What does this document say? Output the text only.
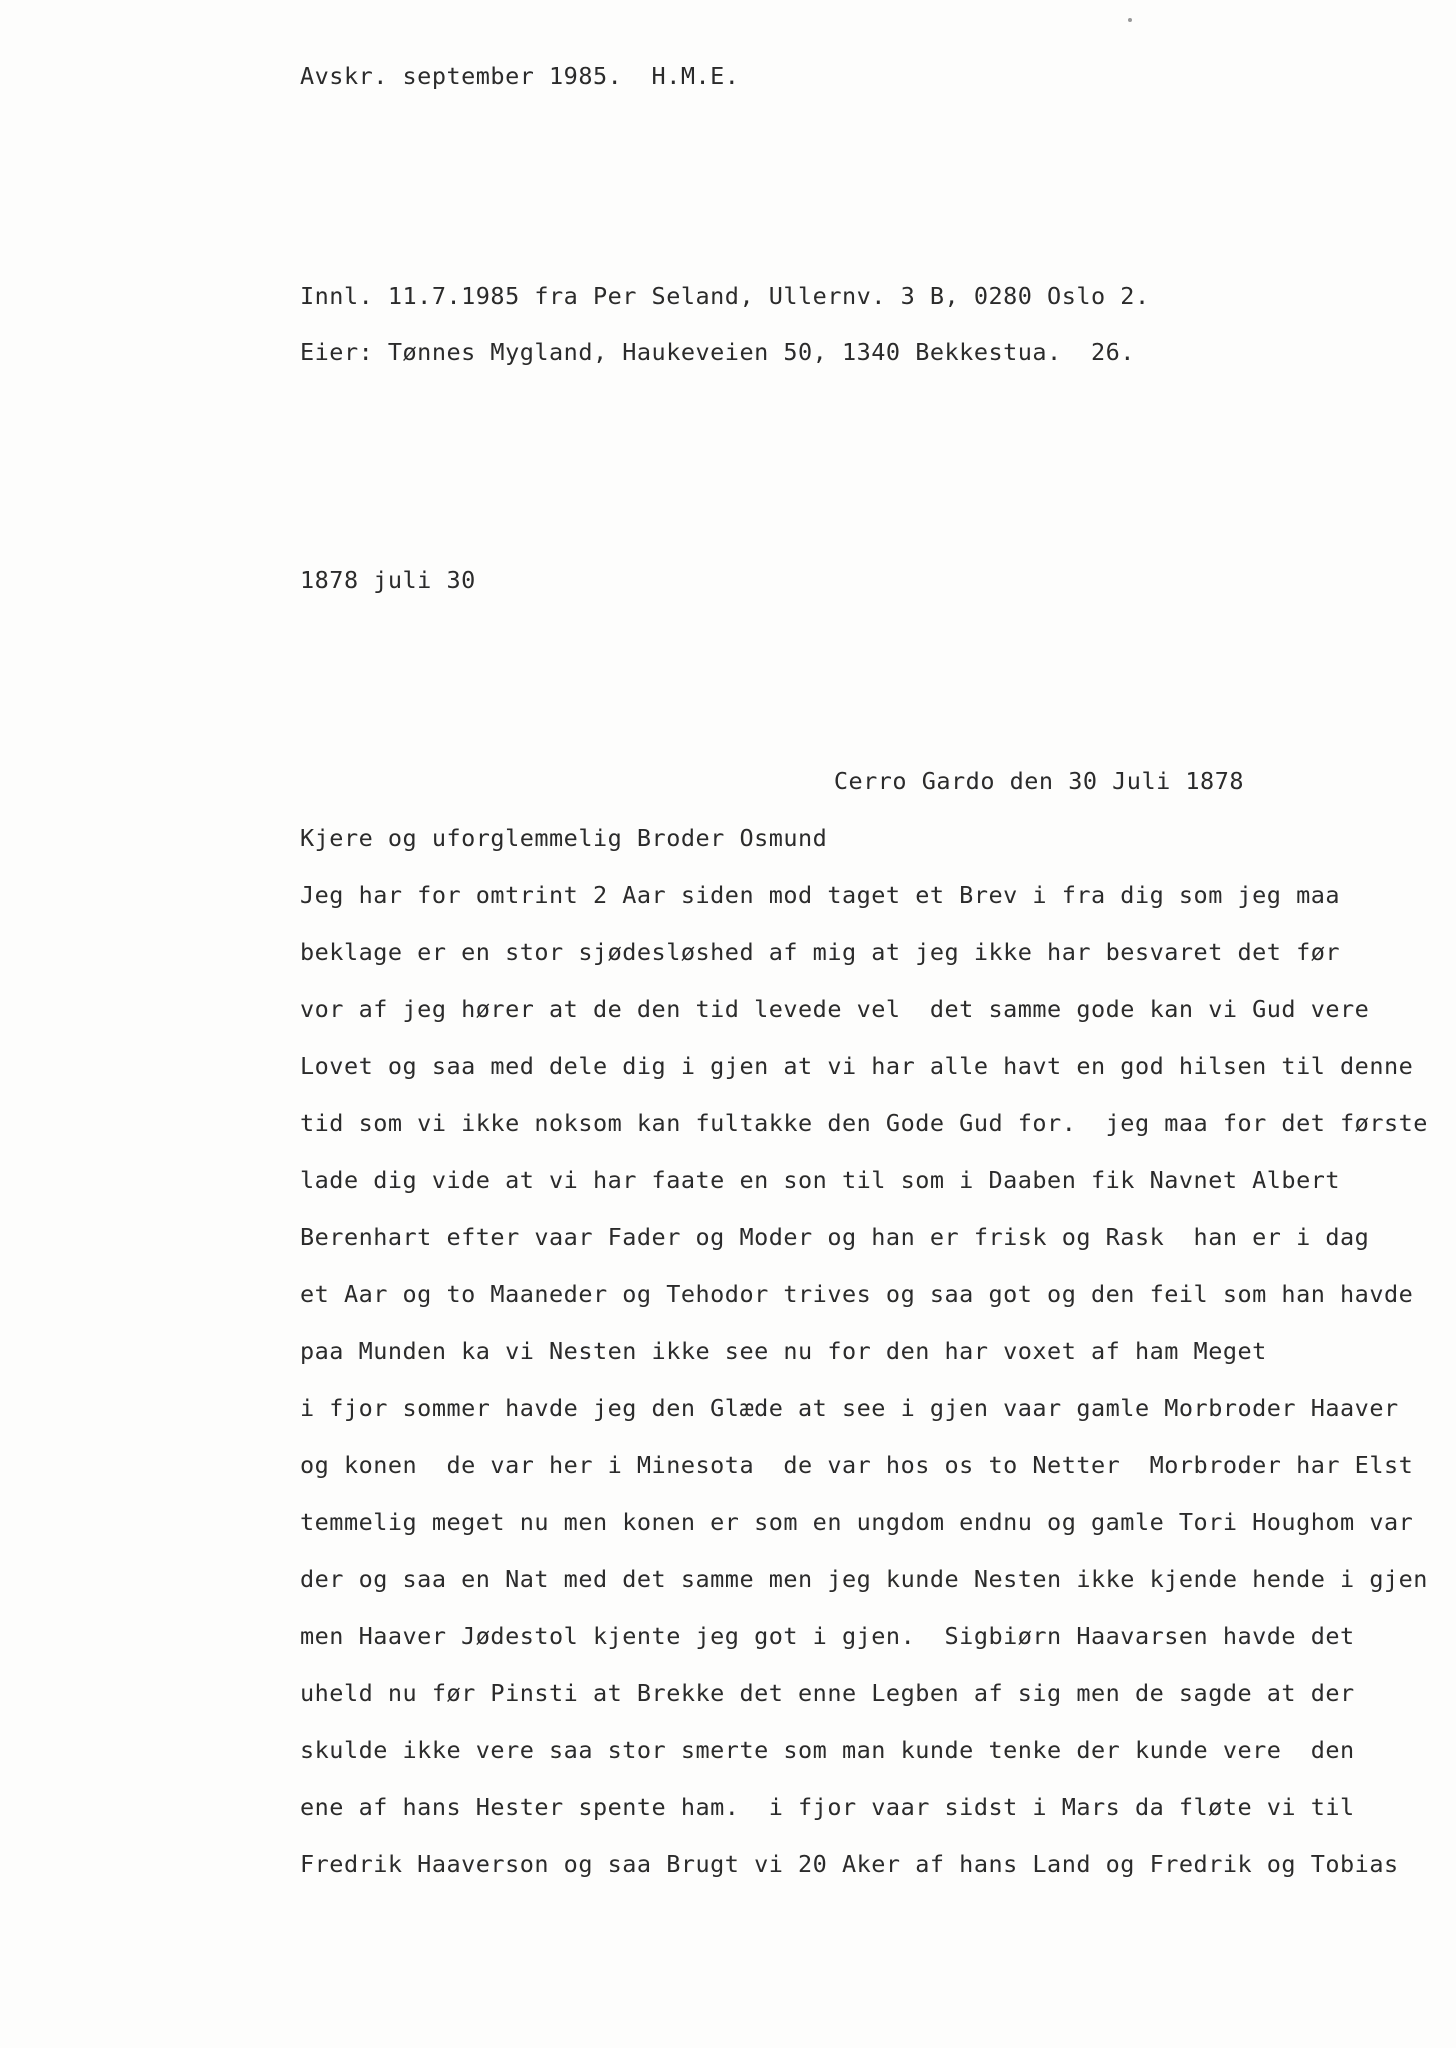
Avskr. september 1985.  H.M.E.
Innl. 11.7.1985 fra Per Seland, Ullernv. 3 B, 0280 Oslo 2.
Eier: Tønnes Mygland, Haukeveien 50, 1340 Bekkestua.  26.
1878 juli 30
Cerro Gardo den 30 Juli 1878
Kjere og uforglemmelig Broder Osmund
Jeg har for omtrint 2 Aar siden mod taget et Brev i fra dig som jeg maa
beklage er en stor sjødesløshed af mig at jeg ikke har besvaret det før
vor af jeg hører at de den tid levede vel  det samme gode kan vi Gud vere
Lovet og saa med dele dig i gjen at vi har alle havt en god hilsen til denne
tid som vi ikke noksom kan fultakke den Gode Gud for.  jeg maa for det første
lade dig vide at vi har faate en son til som i Daaben fik Navnet Albert
Berenhart efter vaar Fader og Moder og han er frisk og Rask  han er i dag
et Aar og to Maaneder og Tehodor trives og saa got og den feil som han havde
paa Munden ka vi Nesten ikke see nu for den har voxet af ham Meget
i fjor sommer havde jeg den Glæde at see i gjen vaar gamle Morbroder Haaver
og konen  de var her i Minesota  de var hos os to Netter  Morbroder har Elst
temmelig meget nu men konen er som en ungdom endnu og gamle Tori Houghom var
der og saa en Nat med det samme men jeg kunde Nesten ikke kjende hende i gjen
men Haaver Jødestol kjente jeg got i gjen.  Sigbiørn Haavarsen havde det
uheld nu før Pinsti at Brekke det enne Legben af sig men de sagde at der
skulde ikke vere saa stor smerte som man kunde tenke der kunde vere  den
ene af hans Hester spente ham.  i fjor vaar sidst i Mars da fløte vi til
Fredrik Haaverson og saa Brugt vi 20 Aker af hans Land og Fredrik og Tobias
